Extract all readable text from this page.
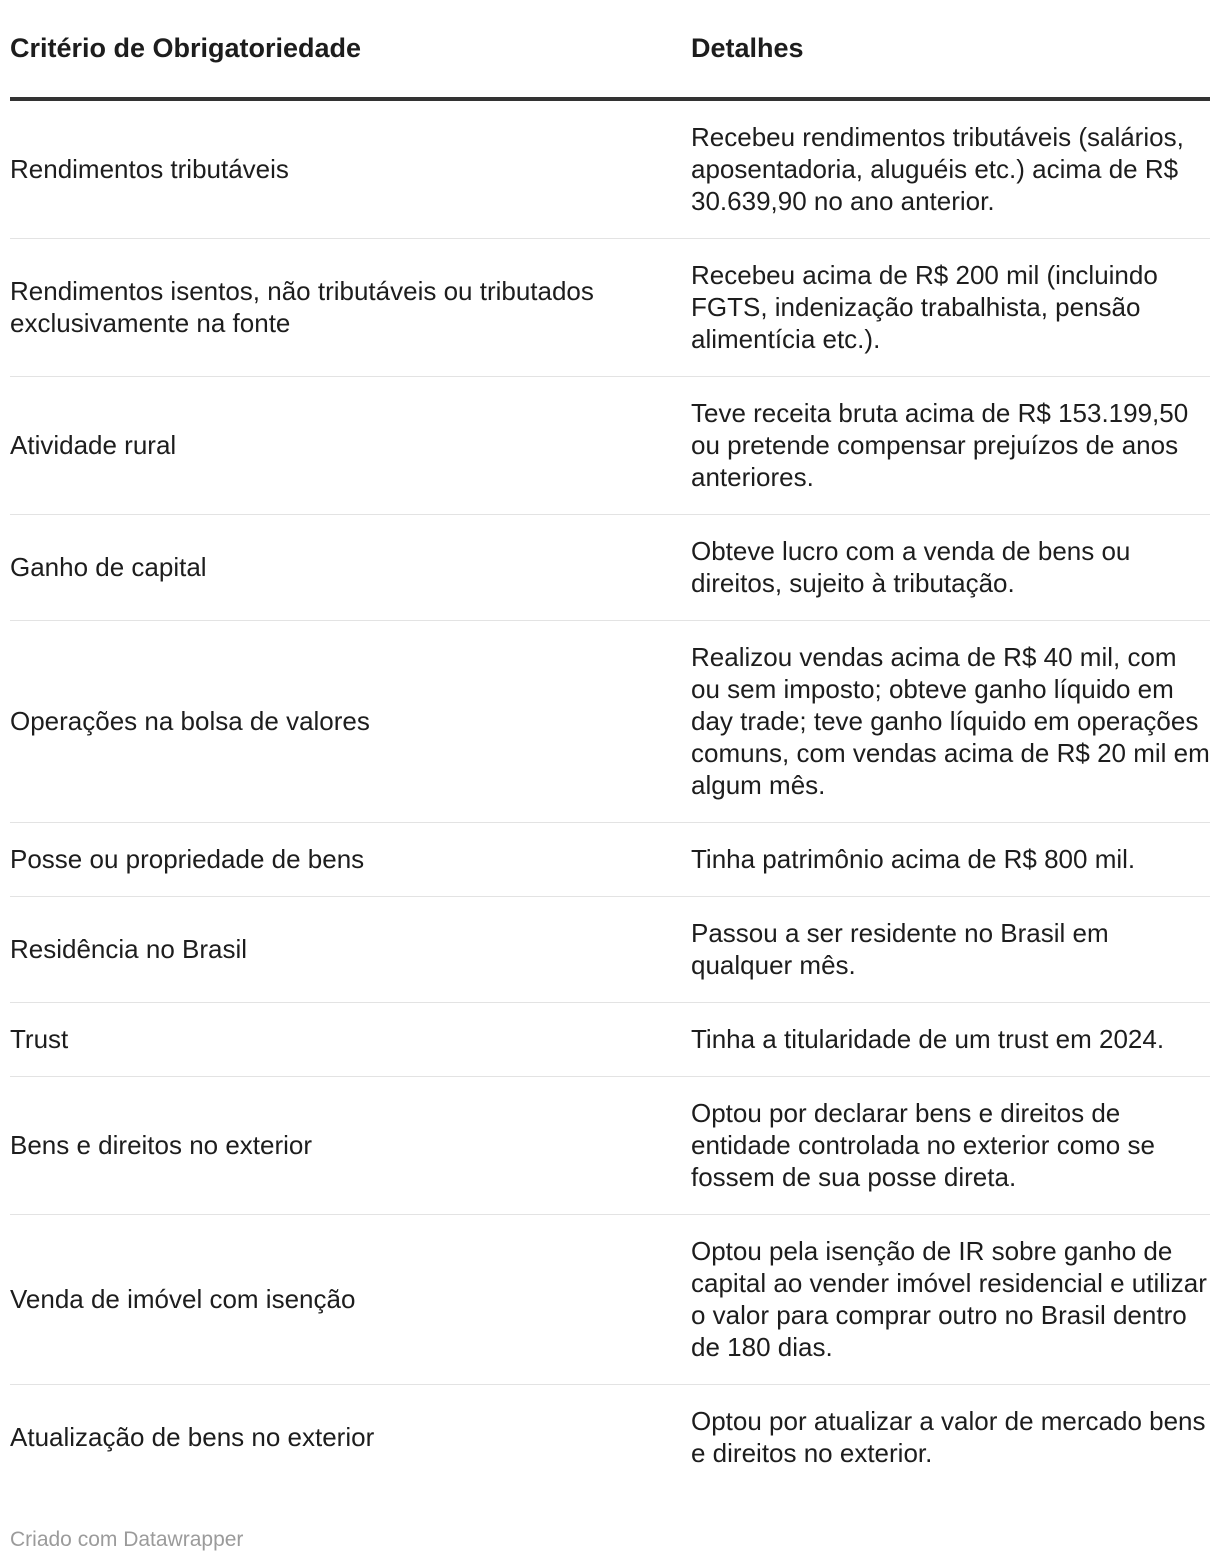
Critério de Obrigatoriedade	Detalhes
Rendimentos tributáveis	Recebeu rendimentos tributáveis (salários, aposentadoria, aluguéis etc.) acima de R$ 30.639,90 no ano anterior.
Rendimentos isentos, não tributáveis ou tributados exclusivamente na fonte	Recebeu acima de R$ 200 mil (incluindo FGTS, indenização trabalhista, pensão alimentícia etc.).
Atividade rural	Teve receita bruta acima de R$ 153.199,50 ou pretende compensar prejuízos de anos anteriores.
Ganho de capital	Obteve lucro com a venda de bens ou direitos, sujeito à tributação.
Operações na bolsa de valores	Realizou vendas acima de R$ 40 mil, com ou sem imposto; obteve ganho líquido em day trade; teve ganho líquido em operações comuns, com vendas acima de R$ 20 mil em algum mês.
Posse ou propriedade de bens	Tinha patrimônio acima de R$ 800 mil.
Residência no Brasil	Passou a ser residente no Brasil em qualquer mês.
Trust	Tinha a titularidade de um trust em 2024.
Bens e direitos no exterior	Optou por declarar bens e direitos de entidade controlada no exterior como se fossem de sua posse direta.
Venda de imóvel com isenção	Optou pela isenção de IR sobre ganho de capital ao vender imóvel residencial e utilizar o valor para comprar outro no Brasil dentro de 180 dias.
Atualização de bens no exterior	Optou por atualizar a valor de mercado bens e direitos no exterior.
Criado com Datawrapper
